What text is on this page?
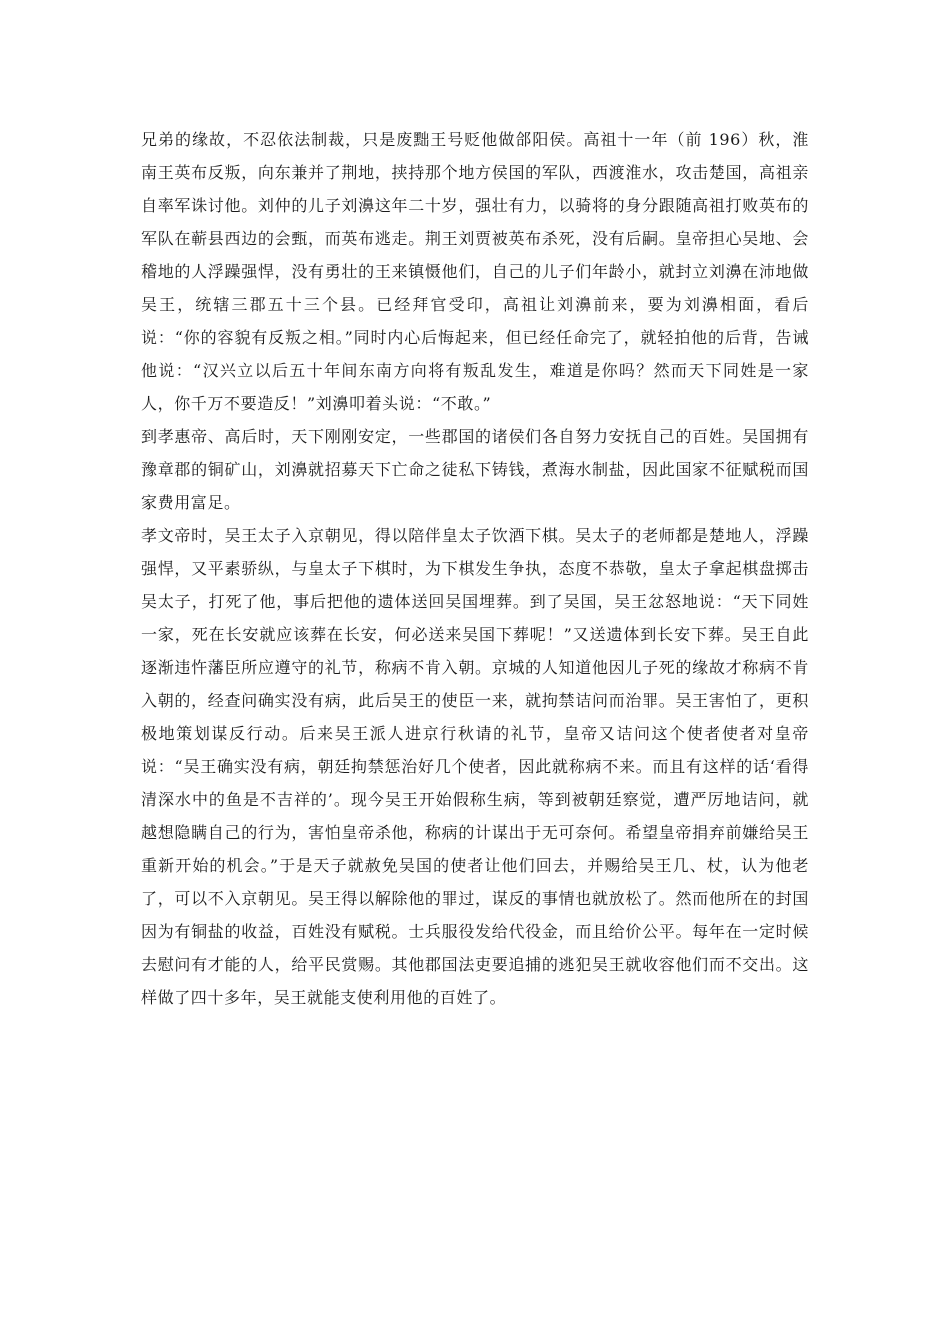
兄弟的缘故，不忍依法制裁，只是废黜王号贬他做郃阳侯。高祖十一年（前 196）秋，淮南王英布反叛，向东兼并了荆地，挟持那个地方侯国的军队，西渡淮水，攻击楚国，高祖亲自率军诛讨他。刘仲的儿子刘濞这年二十岁，强壮有力，以骑将的身分跟随高祖打败英布的军队在蕲县西边的会甄，而英布逃走。荆王刘贾被英布杀死，没有后嗣。皇帝担心吴地、会稽地的人浮躁强悍，没有勇壮的王来镇慑他们，自己的儿子们年龄小，就封立刘濞在沛地做吴王，统辖三郡五十三个县。已经拜官受印，高祖让刘濞前来，要为刘濞相面，看后说：“你的容貌有反叛之相。”同时内心后悔起来，但已经任命完了，就轻拍他的后背，告诫他说：“汉兴立以后五十年间东南方向将有叛乱发生，难道是你吗？然而天下同姓是一家人，你千万不要造反！”刘濞叩着头说：“不敢。”

到孝惠帝、高后时，天下刚刚安定，一些郡国的诸侯们各自努力安抚自己的百姓。吴国拥有豫章郡的铜矿山，刘濞就招募天下亡命之徒私下铸钱，煮海水制盐，因此国家不征赋税而国家费用富足。

孝文帝时，吴王太子入京朝见，得以陪伴皇太子饮酒下棋。吴太子的老师都是楚地人，浮躁强悍，又平素骄纵，与皇太子下棋时，为下棋发生争执，态度不恭敬，皇太子拿起棋盘掷击吴太子，打死了他，事后把他的遗体送回吴国埋葬。到了吴国，吴王忿怒地说：“天下同姓一家，死在长安就应该葬在长安，何必送来吴国下葬呢！”又送遗体到长安下葬。吴王自此逐渐违忤藩臣所应遵守的礼节，称病不肯入朝。京城的人知道他因儿子死的缘故才称病不肯入朝的，经查问确实没有病，此后吴王的使臣一来，就拘禁诘问而治罪。吴王害怕了，更积极地策划谋反行动。后来吴王派人进京行秋请的礼节，皇帝又诘问这个使者使者对皇帝说：“吴王确实没有病，朝廷拘禁惩治好几个使者，因此就称病不来。而且有这样的话‘看得清深水中的鱼是不吉祥的’。现今吴王开始假称生病，等到被朝廷察觉，遭严厉地诘问，就越想隐瞒自己的行为，害怕皇帝杀他，称病的计谋出于无可奈何。希望皇帝捐弃前嫌给吴王重新开始的机会。”于是天子就赦免吴国的使者让他们回去，并赐给吴王几、杖，认为他老了，可以不入京朝见。吴王得以解除他的罪过，谋反的事情也就放松了。然而他所在的封国因为有铜盐的收益，百姓没有赋税。士兵服役发给代役金，而且给价公平。每年在一定时候去慰问有才能的人，给平民赏赐。其他郡国法吏要追捕的逃犯吴王就收容他们而不交出。这样做了四十多年，吴王就能支使利用他的百姓了。
